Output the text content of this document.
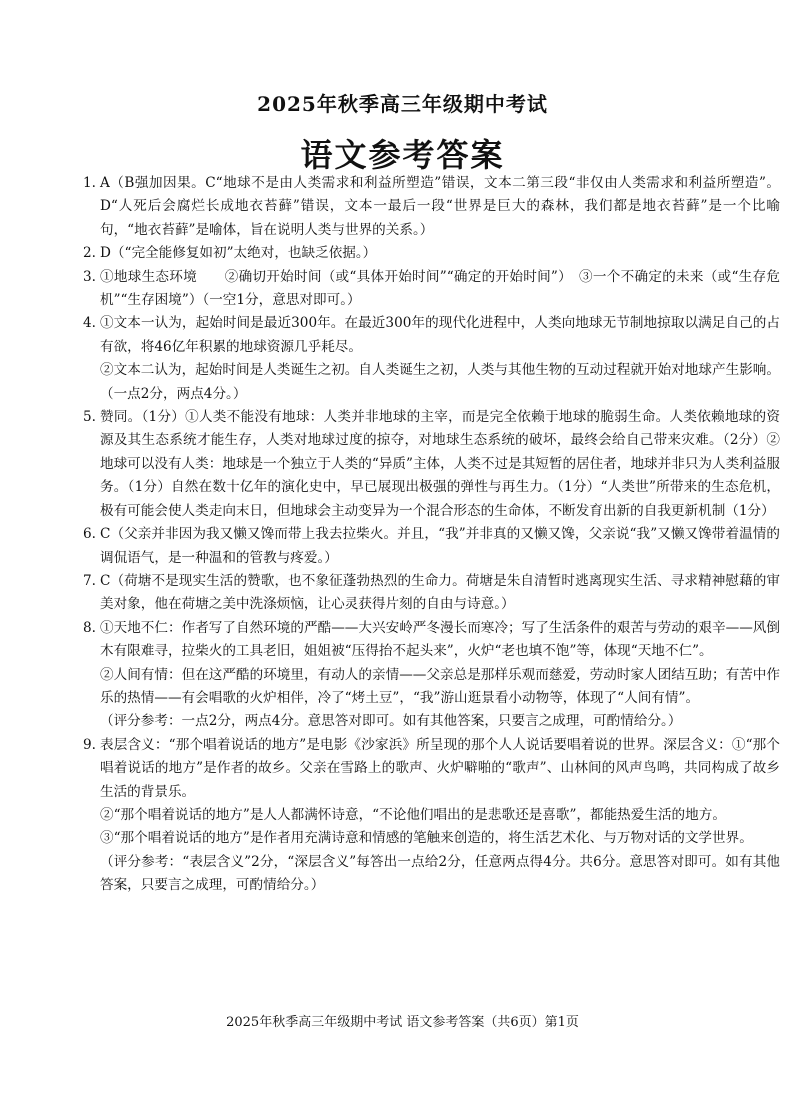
2025年秋季高三年级期中考试
语文参考答案
1. A（B强加因果。C“地球不是由人类需求和利益所塑造”错误，文本二第三段“非仅由人类需求和利益所塑造”。D“人死后会腐烂长成地衣苔藓”错误，文本一最后一段“世界是巨大的森林，我们都是地衣苔藓”是一个比喻句，“地衣苔藓”是喻体，旨在说明人类与世界的关系。）

2. D（“完全能修复如初”太绝对，也缺乏依据。）

3. ①地球生态环境　　②确切开始时间（或“具体开始时间”“确定的开始时间”）　③一个不确定的未来（或“生存危机”“生存困境”）（一空1分，意思对即可。）

4. ①文本一认为，起始时间是最近300年。在最近300年的现代化进程中，人类向地球无节制地掠取以满足自己的占有欲，将46亿年积累的地球资源几乎耗尽。

②文本二认为，起始时间是人类诞生之初。自人类诞生之初，人类与其他生物的互动过程就开始对地球产生影响。（一点2分，两点4分。）

5. 赞同。（1分）①人类不能没有地球：人类并非地球的主宰，而是完全依赖于地球的脆弱生命。人类依赖地球的资源及其生态系统才能生存，人类对地球过度的掠夺，对地球生态系统的破坏，最终会给自己带来灾难。（2分）②地球可以没有人类：地球是一个独立于人类的“异质”主体，人类不过是其短暂的居住者，地球并非只为人类利益服务。（1分）自然在数十亿年的演化史中，早已展现出极强的弹性与再生力。（1分）“人类世”所带来的生态危机，极有可能会使人类走向末日，但地球会主动变异为一个混合形态的生命体，不断发育出新的自我更新机制（1分）

6. C（父亲并非因为我又懒又馋而带上我去拉柴火。并且，“我”并非真的又懒又馋，父亲说“我”又懒又馋带着温情的调侃语气，是一种温和的管教与疼爱。）

7. C（荷塘不是现实生活的赞歌，也不象征蓬勃热烈的生命力。荷塘是朱自清暂时逃离现实生活、寻求精神慰藉的审美对象，他在荷塘之美中洗涤烦恼，让心灵获得片刻的自由与诗意。）

8. ①天地不仁：作者写了自然环境的严酷——大兴安岭严冬漫长而寒冷；写了生活条件的艰苦与劳动的艰辛——风倒木有限难寻，拉柴火的工具老旧，姐姐被“压得抬不起头来”，火炉“老也填不饱”等，体现“天地不仁”。

②人间有情：但在这严酷的环境里，有动人的亲情——父亲总是那样乐观而慈爱，劳动时家人团结互助；有苦中作乐的热情——有会唱歌的火炉相伴，冷了“烤土豆”，“我”游山逛景看小动物等，体现了“人间有情”。

（评分参考：一点2分，两点4分。意思答对即可。如有其他答案，只要言之成理，可酌情给分。）

9. 表层含义：“那个唱着说话的地方”是电影《沙家浜》所呈现的那个人人说话要唱着说的世界。深层含义：①“那个唱着说话的地方”是作者的故乡。父亲在雪路上的歌声、火炉噼啪的“歌声”、山林间的风声鸟鸣，共同构成了故乡生活的背景乐。

②“那个唱着说话的地方”是人人都满怀诗意，“不论他们唱出的是悲歌还是喜歌”，都能热爱生活的地方。

③“那个唱着说话的地方”是作者用充满诗意和情感的笔触来创造的，将生活艺术化、与万物对话的文学世界。

（评分参考：“表层含义”2分，“深层含义”每答出一点给2分，任意两点得4分。共6分。意思答对即可。如有其他答案，只要言之成理，可酌情给分。）

2025年秋季高三年级期中考试 语文参考答案（共6页）第1页
